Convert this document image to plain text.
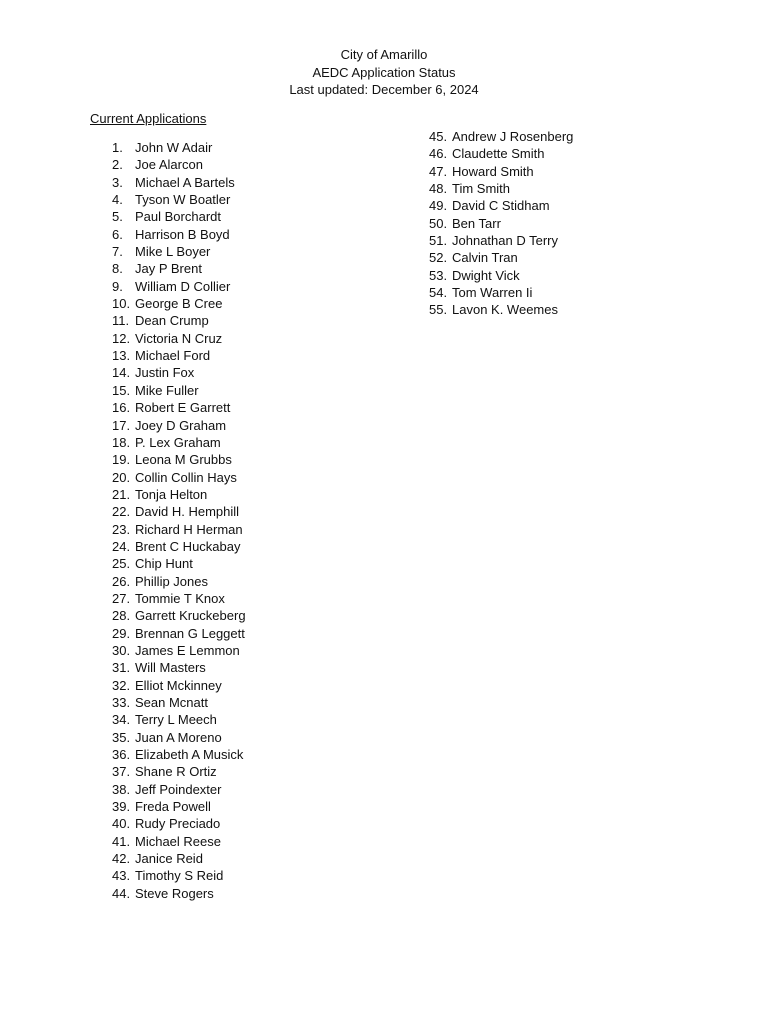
City of Amarillo
AEDC Application Status
Last updated: December 6, 2024
Current Applications
1. John W Adair
2. Joe Alarcon
3. Michael A Bartels
4. Tyson W Boatler
5. Paul Borchardt
6. Harrison B Boyd
7. Mike L Boyer
8. Jay P Brent
9. William D Collier
10. George B Cree
11. Dean Crump
12. Victoria N Cruz
13. Michael Ford
14. Justin Fox
15. Mike Fuller
16. Robert E Garrett
17. Joey D Graham
18. P. Lex Graham
19. Leona M Grubbs
20. Collin Collin Hays
21. Tonja Helton
22. David H. Hemphill
23. Richard H Herman
24. Brent C Huckabay
25. Chip Hunt
26. Phillip Jones
27. Tommie T Knox
28. Garrett Kruckeberg
29. Brennan G Leggett
30. James E Lemmon
31. Will Masters
32. Elliot Mckinney
33. Sean Mcnatt
34. Terry L Meech
35. Juan A Moreno
36. Elizabeth A Musick
37. Shane R Ortiz
38. Jeff Poindexter
39. Freda Powell
40. Rudy Preciado
41. Michael Reese
42. Janice Reid
43. Timothy S Reid
44. Steve Rogers
45. Andrew J Rosenberg
46. Claudette Smith
47. Howard Smith
48. Tim Smith
49. David C Stidham
50. Ben Tarr
51. Johnathan D Terry
52. Calvin Tran
53. Dwight Vick
54. Tom Warren Ii
55. Lavon K. Weemes
